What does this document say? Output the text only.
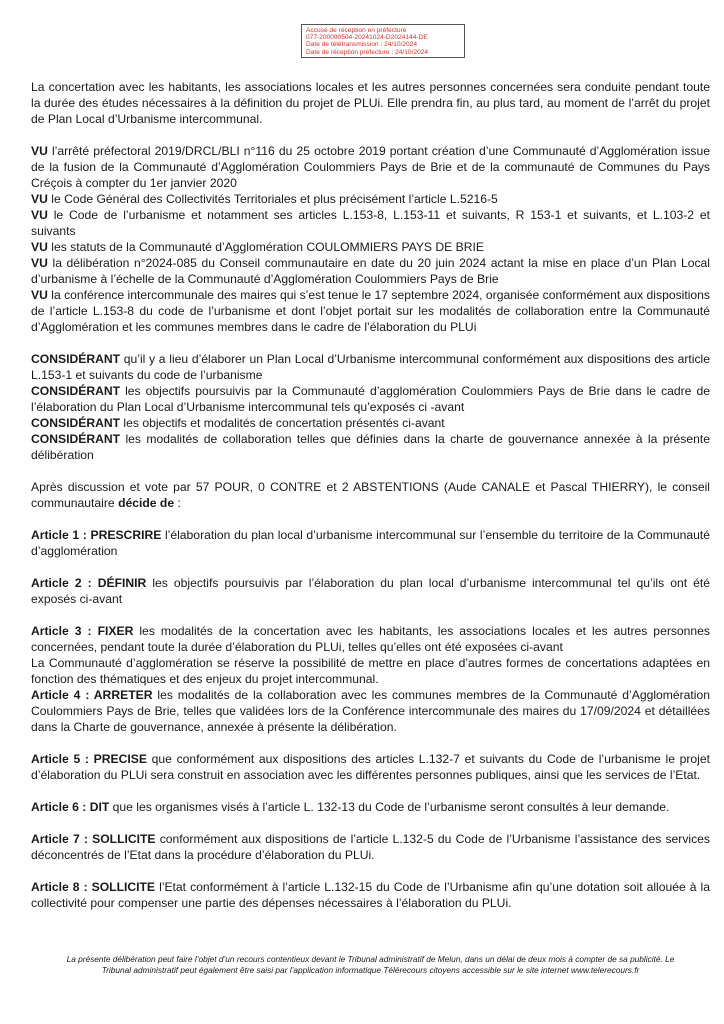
Accusé de réception en préfecture
077-200090504-20241024-D2024144-DE
Date de télétransmission : 24/10/2024
Date de réception préfecture : 24/10/2024

La concertation avec les habitants, les associations locales et les autres personnes concernées sera conduite pendant toute la durée des études nécessaires à la définition du projet de PLUi. Elle prendra fin, au plus tard, au moment de l’arrêt du projet de Plan Local d’Urbanisme intercommunal.

VU l’arrêté préfectoral 2019/DRCL/BLI n°116 du 25 octobre 2019 portant création d’une Communauté d’Agglomération issue de la fusion de la Communauté d’Agglomération Coulommiers Pays de Brie et de la communauté de Communes du Pays Créçois à compter du 1er janvier 2020

VU le Code Général des Collectivités Territoriales et plus précisément l’article L.5216-5

VU le Code de l’urbanisme et notamment ses articles L.153-8, L.153-11 et suivants, R 153-1 et suivants, et L.103-2 et suivants

VU les statuts de la Communauté d’Agglomération COULOMMIERS PAYS DE BRIE

VU la délibération n°2024-085 du Conseil communautaire en date du 20 juin 2024 actant la mise en place d’un Plan Local d’urbanisme à l’échelle de la Communauté d’Agglomération Coulommiers Pays de Brie

VU la conférence intercommunale des maires qui s’est tenue le 17 septembre 2024, organisée conformément aux dispositions de l’article L.153-8 du code de l’urbanisme et dont l’objet portait sur les modalités de collaboration entre la Communauté d’Agglomération et les communes membres dans le cadre de l’élaboration du PLUi

CONSIDÉRANT qu’il y a lieu d’élaborer un Plan Local d’Urbanisme intercommunal conformément aux dispositions des article L.153-1 et suivants du code de l’urbanisme

CONSIDÉRANT les objectifs poursuivis par la Communauté d’agglomération Coulommiers Pays de Brie dans le cadre de l’élaboration du Plan Local d’Urbanisme intercommunal tels qu’exposés ci -avant

CONSIDÉRANT les objectifs et modalités de concertation présentés ci-avant

CONSIDÉRANT les modalités de collaboration telles que définies dans la charte de gouvernance annexée à la présente délibération

Après discussion et vote par 57 POUR, 0 CONTRE et 2 ABSTENTIONS (Aude CANALE et Pascal THIERRY), le conseil communautaire décide de :

Article 1 : PRESCRIRE l’élaboration du plan local d’urbanisme intercommunal sur l’ensemble du territoire de la Communauté d’agglomération

Article 2 : DÉFINIR les objectifs poursuivis par l’élaboration du plan local d’urbanisme intercommunal tel qu’ils ont été exposés ci-avant

Article 3 : FIXER les modalités de la concertation avec les habitants, les associations locales et les autres personnes concernées, pendant toute la durée d’élaboration du PLUi, telles qu’elles ont été exposées ci-avant

La Communauté d’agglomération se réserve la possibilité de mettre en place d’autres formes de concertations adaptées en fonction des thématiques et des enjeux du projet intercommunal.

Article 4 : ARRETER les modalités de la collaboration avec les communes membres de la Communauté d’Agglomération Coulommiers Pays de Brie, telles que validées lors de la Conférence intercommunale des maires du 17/09/2024 et détaillées dans la Charte de gouvernance, annexée à présente la délibération.

Article 5 : PRECISE que conformément aux dispositions des articles L.132-7 et suivants du Code de l’urbanisme le projet d’élaboration du PLUi sera construit en association avec les différentes personnes publiques, ainsi que les services de l’Etat.

Article 6 : DIT que les organismes visés à l’article L. 132-13 du Code de l’urbanisme seront consultés à leur demande.

Article 7 : SOLLICITE conformément aux dispositions de l’article L.132-5 du Code de l’Urbanisme l’assistance des services déconcentrés de l’Etat dans la procédure d’élaboration du PLUi.

Article 8 : SOLLICITE l’Etat conformément à l’article L.132-15 du Code de l’Urbanisme afin qu’une dotation soit allouée à la collectivité pour compenser une partie des dépenses nécessaires à l’élaboration du PLUi.

La présente délibération peut faire l’objet d’un recours contentieux devant le Tribunal administratif de Melun, dans un délai de deux mois à compter de sa publicité. Le

Tribunal administratif peut également être saisi par l’application informatique Télérecours citoyens accessible sur le site internet www.telerecours.fr
